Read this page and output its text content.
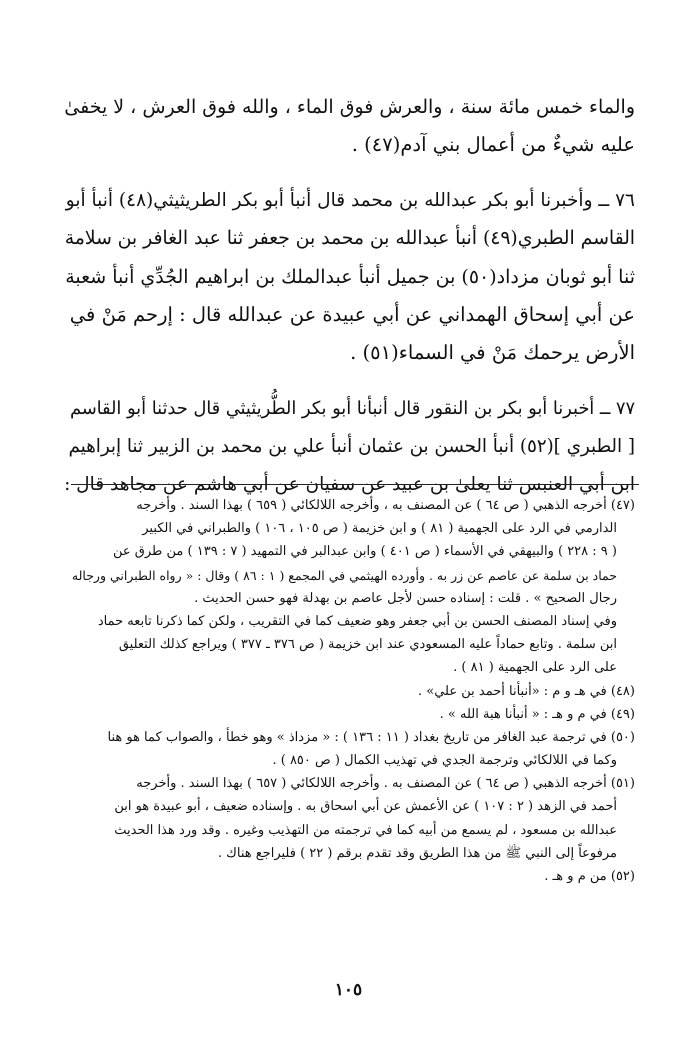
والماء خمس مائة سنة ، والعرش فوق الماء ، والله فوق العرش ، لا يخفىٰ
عليه شيءٌ من أعمال بني آدم(٤٧) .
٧٦ ــ وأخبرنا أبو بكر عبدالله بن محمد قال أنبأ أبو بكر الطريثيثي(٤٨) أنبأ أبو
القاسم الطبري(٤٩) أنبأ عبدالله بن محمد بن جعفر ثنا عبد الغافر بن سلامة
ثنا أبو ثوبان مزداد(٥٠) بن جميل أنبأ عبدالملك بن ابراهيم الجُدِّي أنبأ شعبة
عن أبي إسحاق الهمداني عن أبي عبيدة عن عبدالله قال : إرحم مَنْ في
الأرض يرحمك مَنْ في السماء(٥١) .
٧٧ ــ أخبرنا أبو بكر بن النقور قال أنبأنا أبو بكر الطُّريثيثي قال حدثنا أبو القاسم
[ الطبري ](٥٢) أنبأ الحسن بن عثمان أنبأ علي بن محمد بن الزبير ثنا إبراهيم
ابن أبي العنبس ثنا يعلىٰ بن عبيد عن سفيان عن أبي هاشم عن مجاهد قال :
(٤٧) أخرجه الذهبي ( ص ٦٤ ) عن المصنف به ، وأخرجه اللالكائي ( ٦٥٩ ) بهذا السند . وأخرجه
الدارمي في الرد على الجهمية ( ٨١ ) و ابن خزيمة ( ص ١٠٥ ، ١٠٦ ) والطبراني في الكبير
( ٩ : ٢٢٨ ) والبيهقي في الأسماء ( ص ٤٠١ ) وابن عبدالبر في التمهيد ( ٧ : ١٣٩ ) من طرق عن
حماد بن سلمة عن عاصم عن زر به . وأورده الهيثمي في المجمع ( ١ : ٨٦ ) وقال : « رواه الطبراني ورجاله
رجال الصحيح » . قلت : إسناده حسن لأجل عاصم بن بهدلة فهو حسن الحديث .
وفي إسناد المصنف الحسن بن أبي جعفر وهو ضعيف كما في التقريب ، ولكن كما ذكرنا تابعه حماد
ابن سلمة . وتابع حماداً عليه المسعودي عند ابن خزيمة ( ص ٣٧٦ ـ ٣٧٧ ) ويراجع كذلك التعليق
على الرد على الجهمية ( ٨١ ) .
(٤٨) في هـ و م : «أنبأنا أحمد بن علي» .
(٤٩) في م و هـ : « أنبأنا هبة الله » .
(٥٠) في ترجمة عبد الغافر من تاريخ بغداد ( ١١ : ١٣٦ ) : « مزداذ » وهو خطأ ، والصواب كما هو هنا
وكما في اللالكائي وترجمة الجدي في تهذيب الكمال ( ص ٨٥٠ ) .
(٥١) أخرجه الذهبي ( ص ٦٤ ) عن المصنف به . وأخرجه اللالكائي ( ٦٥٧ ) بهذا السند . وأخرجه
أحمد في الزهد ( ٢ : ١٠٧ ) عن الأعمش عن أبي اسحاق به . وإسناده ضعيف ، أبو عبيدة هو ابن
عبدالله بن مسعود ، لم يسمع من أبيه كما في ترجمته من التهذيب وغيره . وقد ورد هذا الحديث
مرفوعاً إلى النبي ﷺ من هذا الطريق وقد تقدم برقم ( ٢٢ ) فليراجع هناك .
(٥٢) من م و هـ .
١٠٥
